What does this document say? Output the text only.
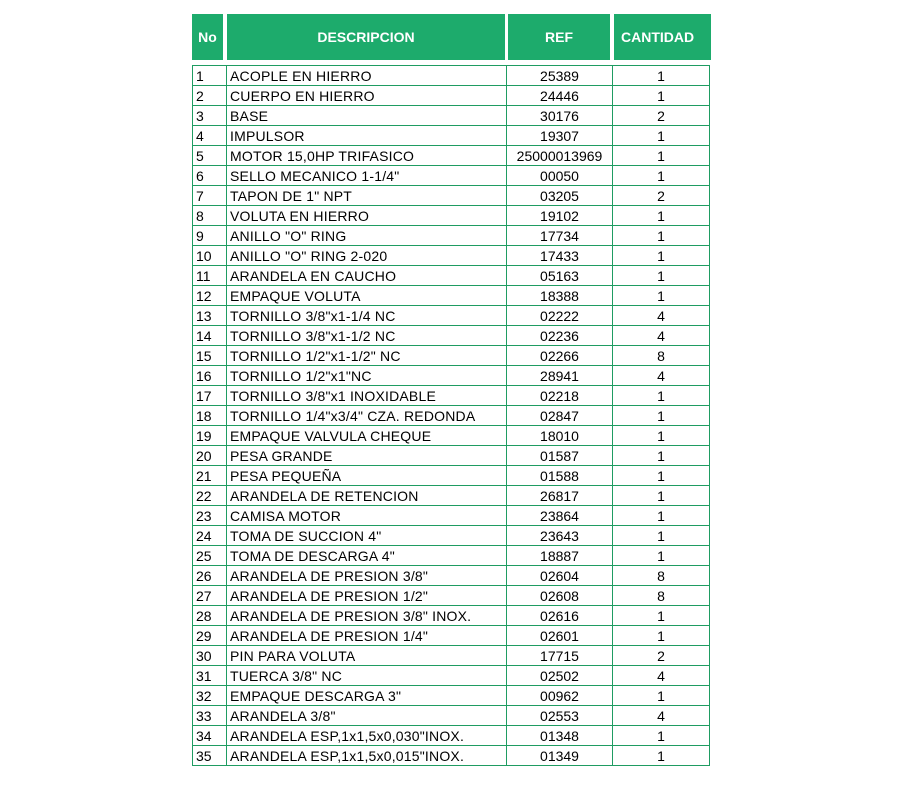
No	DESCRIPCION	REF	CANTIDAD
1	ACOPLE EN HIERRO	25389	1
2	CUERPO EN HIERRO	24446	1
3	BASE	30176	2
4	IMPULSOR	19307	1
5	MOTOR 15,0HP TRIFASICO	25000013969	1
6	SELLO MECANICO 1-1/4"	00050	1
7	TAPON DE 1" NPT	03205	2
8	VOLUTA EN HIERRO	19102	1
9	ANILLO "O" RING	17734	1
10	ANILLO "O" RING 2-020	17433	1
11	ARANDELA EN CAUCHO	05163	1
12	EMPAQUE VOLUTA	18388	1
13	TORNILLO 3/8"x1-1/4 NC	02222	4
14	TORNILLO 3/8"x1-1/2 NC	02236	4
15	TORNILLO 1/2"x1-1/2" NC	02266	8
16	TORNILLO 1/2"x1"NC	28941	4
17	TORNILLO 3/8"x1 INOXIDABLE	02218	1
18	TORNILLO 1/4"x3/4" CZA. REDONDA	02847	1
19	EMPAQUE VALVULA CHEQUE	18010	1
20	PESA GRANDE	01587	1
21	PESA PEQUEÑA	01588	1
22	ARANDELA DE RETENCION	26817	1
23	CAMISA MOTOR	23864	1
24	TOMA DE SUCCION 4"	23643	1
25	TOMA DE DESCARGA 4"	18887	1
26	ARANDELA DE PRESION 3/8"	02604	8
27	ARANDELA DE PRESION 1/2"	02608	8
28	ARANDELA DE PRESION 3/8" INOX.	02616	1
29	ARANDELA DE PRESION 1/4"	02601	1
30	PIN PARA VOLUTA	17715	2
31	TUERCA 3/8" NC	02502	4
32	EMPAQUE DESCARGA 3"	00962	1
33	ARANDELA 3/8"	02553	4
34	ARANDELA ESP,1x1,5x0,030"INOX.	01348	1
35	ARANDELA ESP,1x1,5x0,015"INOX.	01349	1
